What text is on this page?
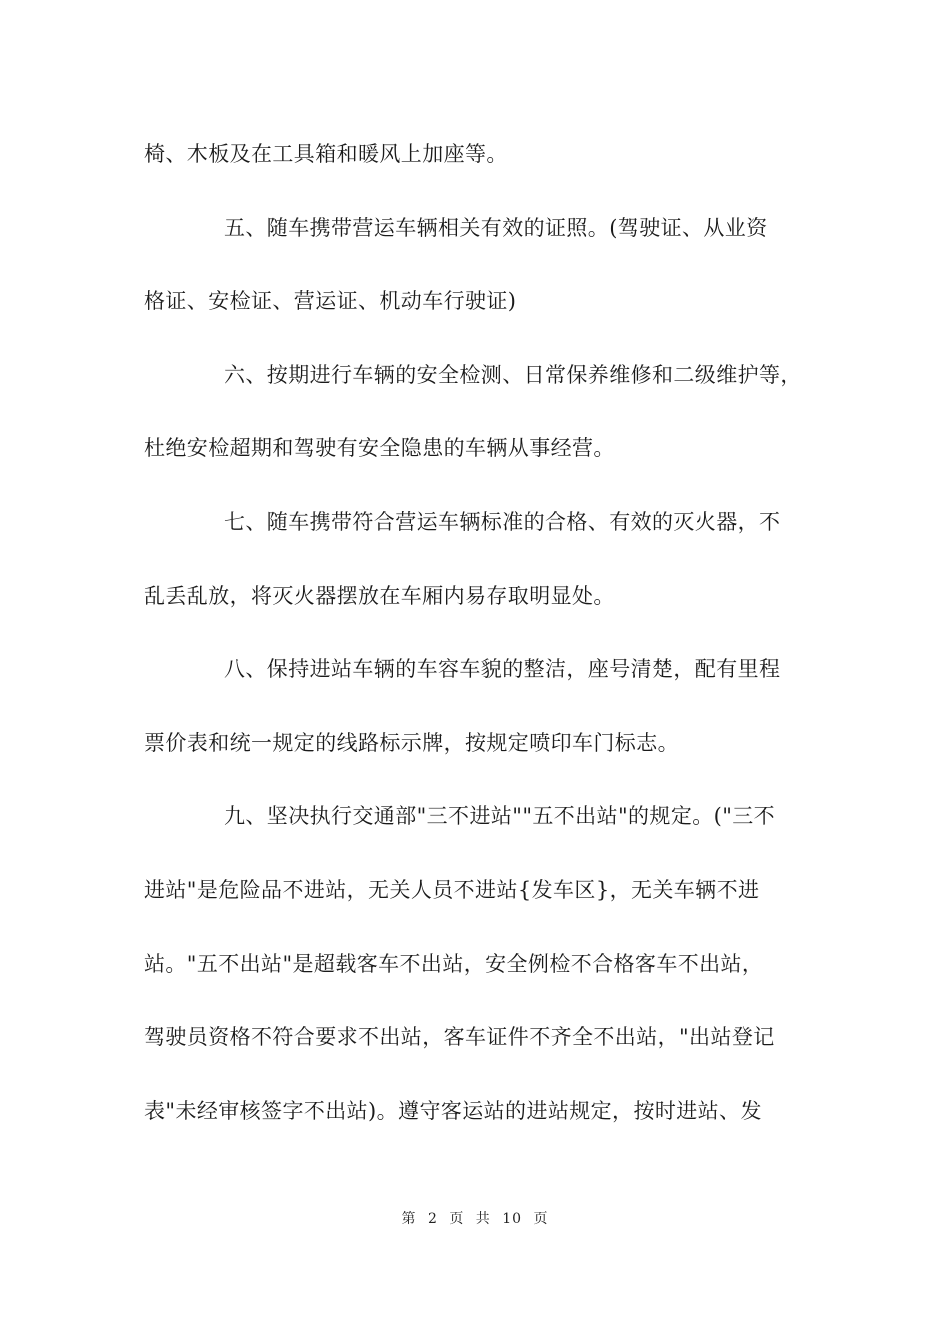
椅、木板及在工具箱和暖风上加座等。

五、随车携带营运车辆相关有效的证照。(驾驶证、从业资

格证、安检证、营运证、机动车行驶证)

六、按期进行车辆的安全检测、日常保养维修和二级维护等，

杜绝安检超期和驾驶有安全隐患的车辆从事经营。

七、随车携带符合营运车辆标准的合格、有效的灭火器，不

乱丢乱放，将灭火器摆放在车厢内易存取明显处。

八、保持进站车辆的车容车貌的整洁，座号清楚，配有里程

票价表和统一规定的线路标示牌，按规定喷印车门标志。

九、坚决执行交通部"三不进站""五不出站"的规定。("三不

进站"是危险品不进站，无关人员不进站{发车区}，无关车辆不进

站。"五不出站"是超载客车不出站，安全例检不合格客车不出站，

驾驶员资格不符合要求不出站，客车证件不齐全不出站，"出站登记

表"未经审核签字不出站)。遵守客运站的进站规定，按时进站、发

第 2 页 共 10 页
